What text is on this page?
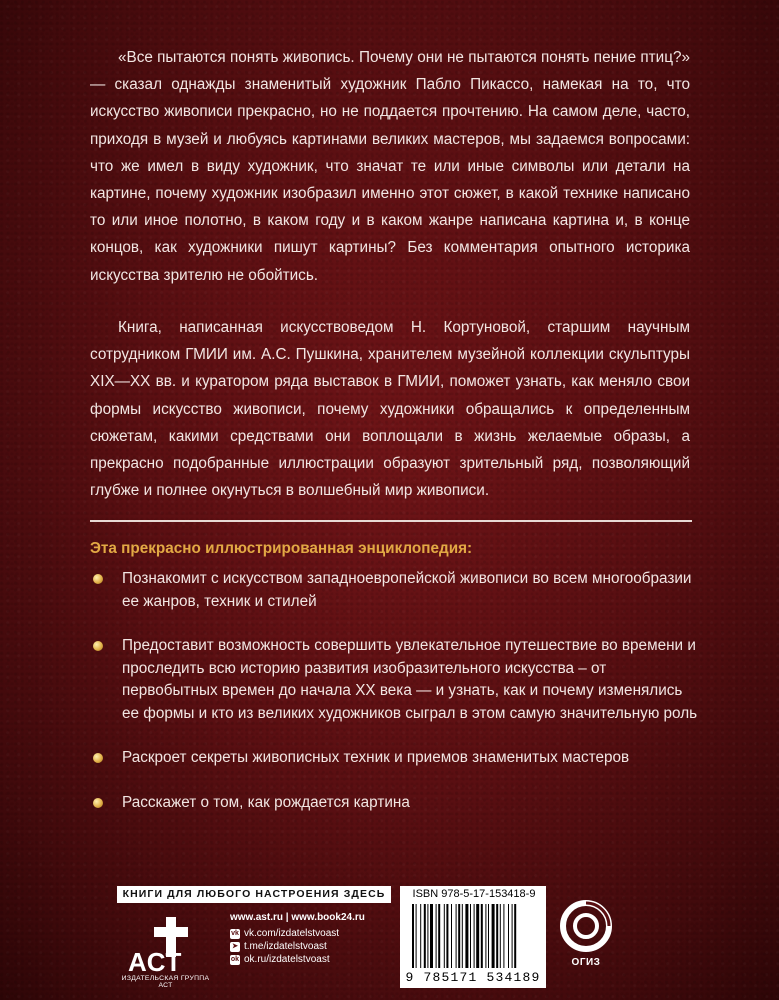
«Все пытаются понять живопись. Почему они не пытаются понять пение птиц?» — сказал однажды знаменитый художник Пабло Пикассо, намекая на то, что искусство живописи прекрасно, но не поддается прочтению. На самом деле, часто, приходя в музей и любуясь картинами великих мастеров, мы задаемся вопросами: что же имел в виду художник, что значат те или иные символы или детали на картине, почему художник изобразил именно этот сюжет, в какой технике написано то или иное полотно, в каком году и в каком жанре написана картина и, в конце концов, как художники пишут картины? Без комментария опытного историка искусства зрителю не обойтись.

Книга, написанная искусствоведом Н. Кортуновой, старшим научным сотрудником ГМИИ им. А.С. Пушкина, хранителем музейной коллекции скульптуры XIX—XX вв. и куратором ряда выставок в ГМИИ, поможет узнать, как меняло свои формы искусство живописи, почему художники обращались к определенным сюжетам, какими средствами они воплощали в жизнь желаемые образы, а прекрасно подобранные иллюстрации образуют зрительный ряд, позволяющий глубже и полнее окунуться в волшебный мир живописи.

Эта прекрасно иллюстрированная энциклопедия:
Познакомит с искусством западноевропейской живописи во всем многообразии ее жанров, техник и стилей
Предоставит возможность совершить увлекательное путешествие во времени и проследить всю историю развития изобразительного искусства – от первобытных времен до начала XX века — и узнать, как и почему изменялись ее формы и кто из великих художников сыграл в этом самую значительную роль
Раскроет секреты живописных техник и приемов знаменитых мастеров
Расскажет о том, как рождается картина
КНИГИ ДЛЯ ЛЮБОГО НАСТРОЕНИЯ ЗДЕСЬ
ACT
ИЗДАТЕЛЬСКАЯ ГРУППА АСТ
www.ast.ru | www.book24.ru
vk vk.com/izdatelstvoast
➤ t.me/izdatelstvoast
ok ok.ru/izdatelstvoast
ISBN 978-5-17-153418-9
9 785171 534189
ОГИЗ
